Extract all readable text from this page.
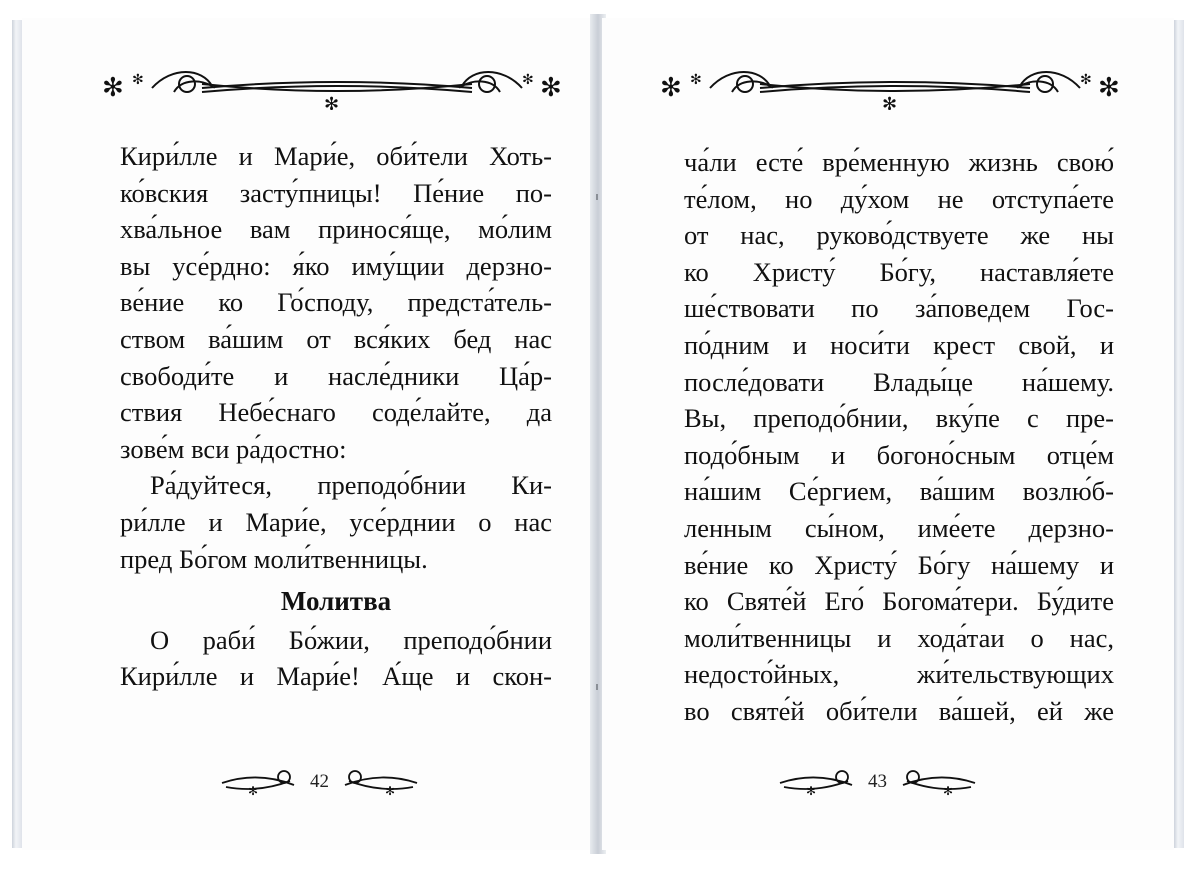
✻	✻
✻
✻	✻
Кири́лле и Мари́е, оби́тели Хоть-
ко́вския засту́пницы! Пе́ние по-
хва́льное вам принося́ще, мо́лим
вы усе́рдно: я́ко иму́щии дерзно-
ве́ние ко Го́споду, предста́тель-
ством ва́шим от вся́ких бед нас
свободи́те и насле́дники Ца́р-
ствия Небе́снаго соде́лайте, да
зове́м вси ра́достно:
Ра́дуйтеся, преподо́бнии Ки-
ри́лле и Мари́е, усе́рднии о нас
пред Бо́гом моли́твенницы.
Молитва
О раби́ Бо́жии, преподо́бнии
Кири́лле и Мари́е! А́ще и скон-
✻	42	✻
✻	✻
✻
✻	✻
ча́ли есте́ вре́менную жизнь свою́
те́лом, но ду́хом не отступа́ете
от нас, руково́дствуете же ны
ко Христу́ Бо́гу, наставля́ете
ше́ствовати по за́поведем Гос-
по́дним и носи́ти крест свой, и
после́довати Влады́це на́шему.
Вы, преподо́бнии, вку́пе с пре-
подо́бным и богоно́сным отце́м
на́шим Се́ргием, ва́шим возлю́б-
ленным сы́ном, име́ете дерзно-
ве́ние ко Христу́ Бо́гу на́шему и
ко Святе́й Его́ Богома́тери. Бу́дите
моли́твенницы и хода́таи о нас,
недосто́йных, жи́тельствующих
во святе́й оби́тели ва́шей, ей же
✻	43	✻
